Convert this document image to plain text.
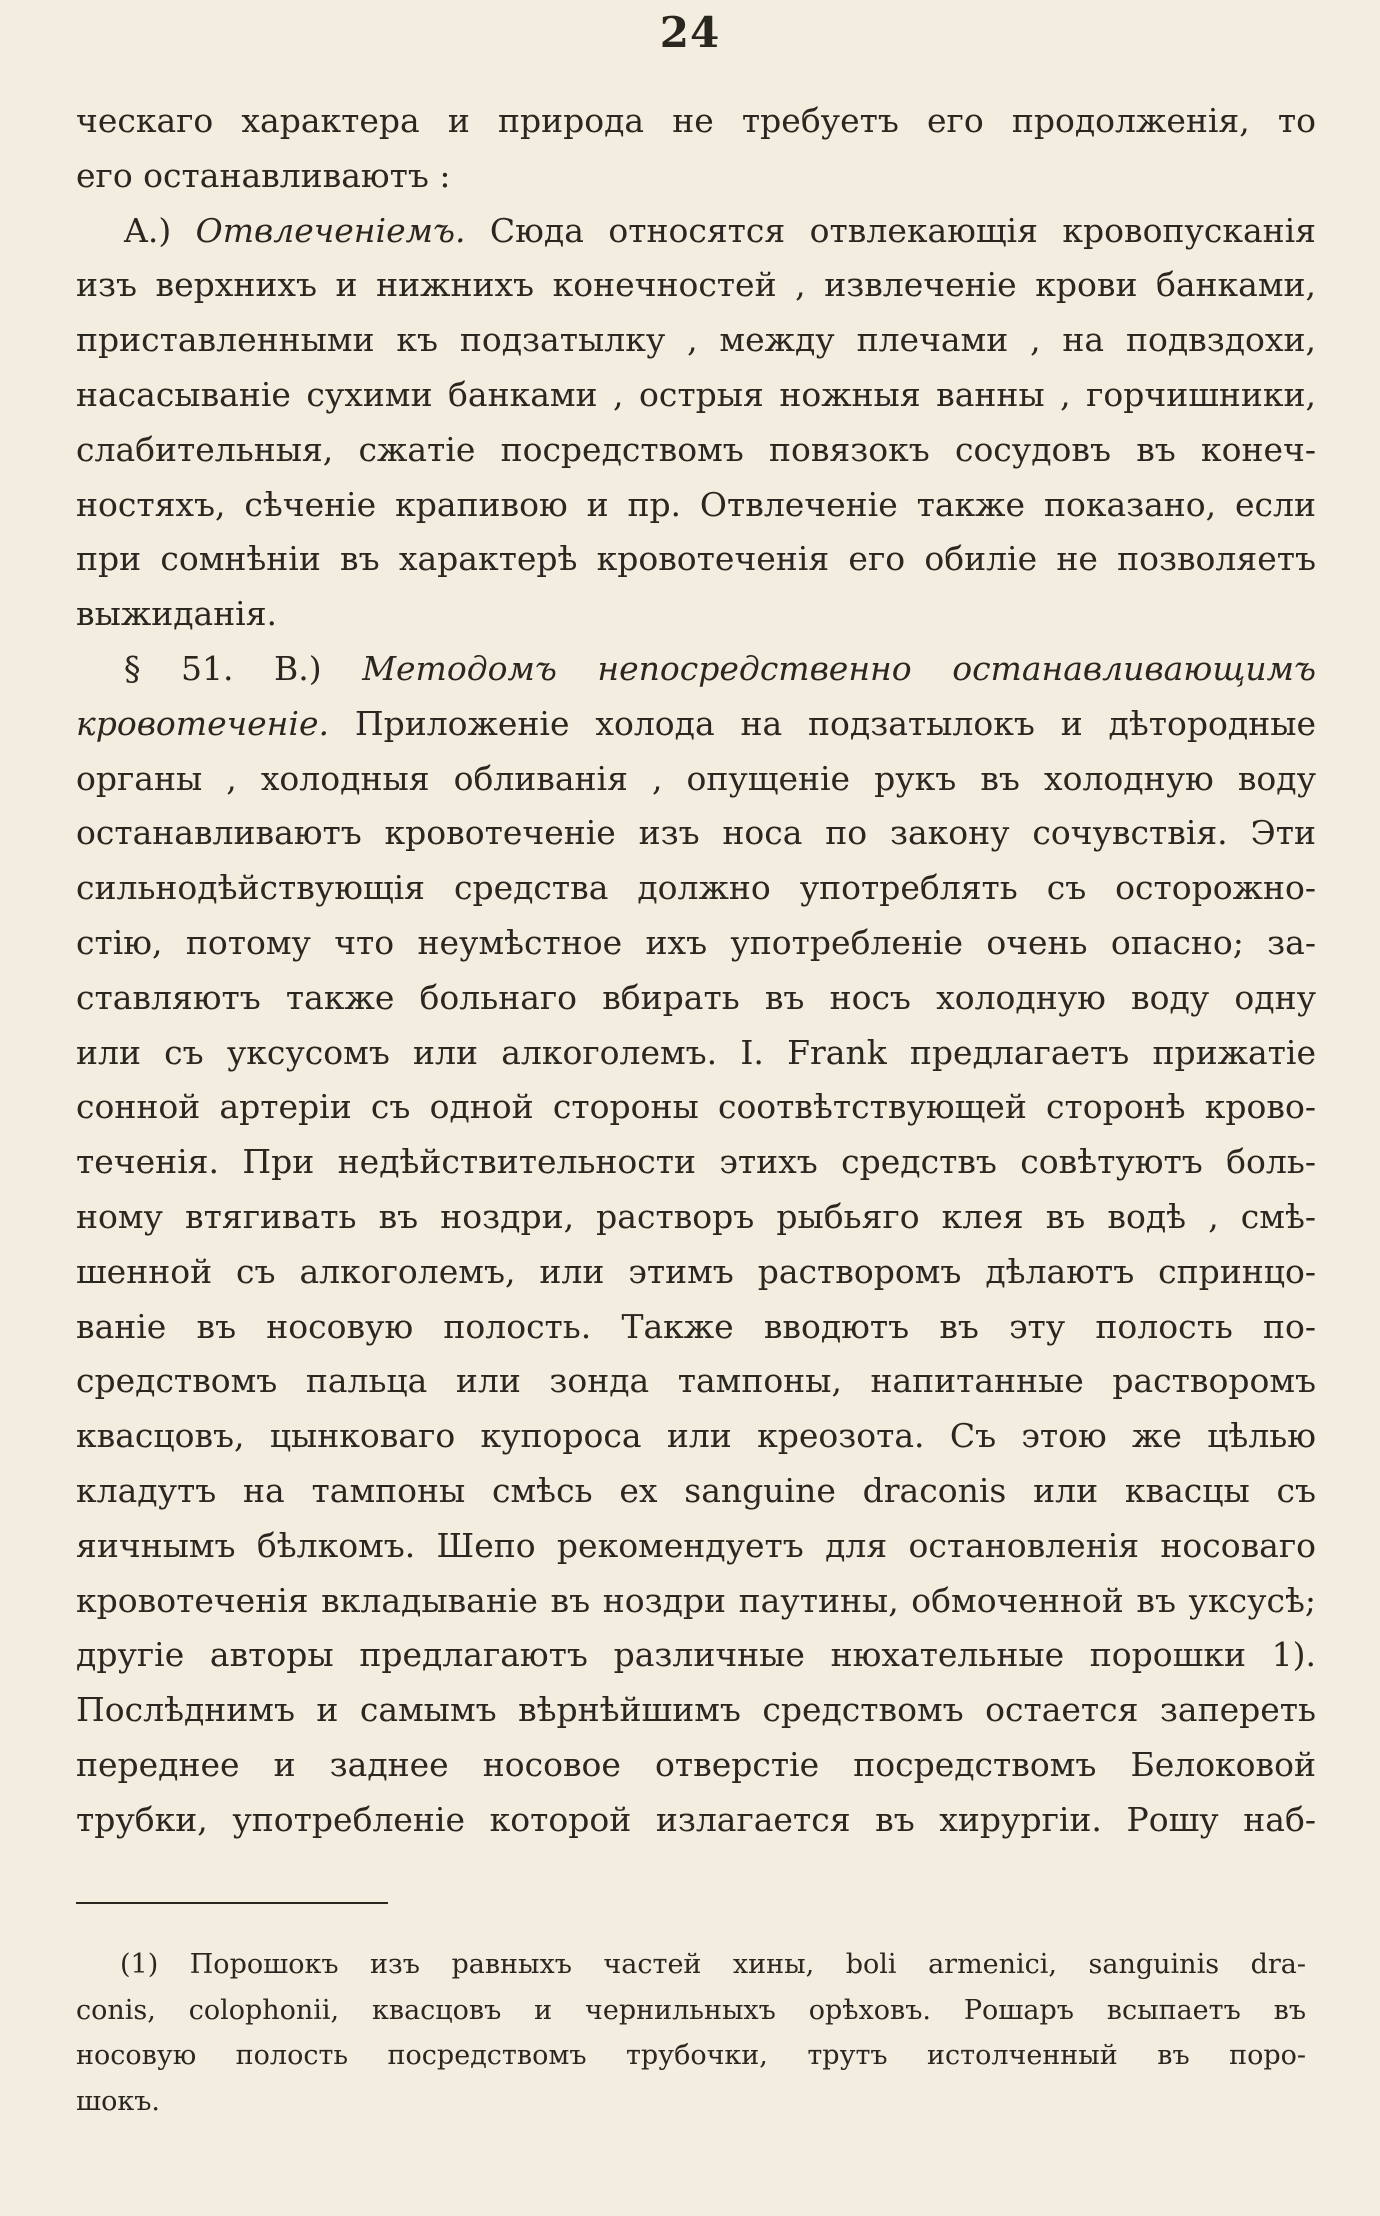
24
ческаго характера и природа не требуетъ его продолженія, то
его останавливаютъ :
A.) Отвлеченіемъ. Сюда относятся отвлекающія кровопусканія
изъ верхнихъ и нижнихъ конечностей , извлеченіе крови банками,
приставленными къ подзатылку , между плечами , на подвздохи,
насасываніе сухими банками , острыя ножныя ванны , горчишники,
слабительныя, сжатіе посредствомъ повязокъ сосудовъ въ конеч-
ностяхъ, сѣченіе крапивою и пр. Отвлеченіе также показано, если
при сомнѣніи въ характерѣ кровотеченія его обиліе не позволяетъ
выжиданія.
§ 51. B.) Методомъ непосредственно останавливающимъ
кровотеченіе. Приложеніе холода на подзатылокъ и дѣтородные
органы , холодныя обливанія , опущеніе рукъ въ холодную воду
останавливаютъ кровотеченіе изъ носа по закону сочувствія. Эти
сильнодѣйствующія средства должно употреблять съ осторожно-
стію, потому что неумѣстное ихъ употребленіе очень опасно; за-
ставляютъ также больнаго вбирать въ носъ холодную воду одну
или съ уксусомъ или алкоголемъ. I. Frank предлагаетъ прижатіе
сонной артеріи съ одной стороны соотвѣтствующей сторонѣ крово-
теченія. При недѣйствительности этихъ средствъ совѣтуютъ боль-
ному втягивать въ ноздри, растворъ рыбьяго клея въ водѣ , смѣ-
шенной съ алкоголемъ, или этимъ растворомъ дѣлаютъ спринцо-
ваніе въ носовую полость. Также вводютъ въ эту полость по-
средствомъ пальца или зонда тампоны, напитанные растворомъ
квасцовъ, цынковаго купороса или креозота. Съ этою же цѣлью
кладутъ на тампоны смѣсь ex sanguine draconis или квасцы съ
яичнымъ бѣлкомъ. Шепо рекомендуетъ для остановленія носоваго
кровотеченія вкладываніе въ ноздри паутины, обмоченной въ уксусѣ;
другіе авторы предлагаютъ различные нюхательные порошки 1).
Послѣднимъ и самымъ вѣрнѣйшимъ средствомъ остается запереть
переднее и заднее носовое отверстіе посредствомъ Белоковой
трубки, употребленіе которой излагается въ хирургіи. Рошу наб-
(1) Порошокъ изъ равныхъ частей хины, boli armenici, sanguinis dra-
conis, colophonii, квасцовъ и чернильныхъ орѣховъ. Рошаръ всыпаетъ въ
носовую полость посредствомъ трубочки, трутъ истолченный въ поро-
шокъ.
